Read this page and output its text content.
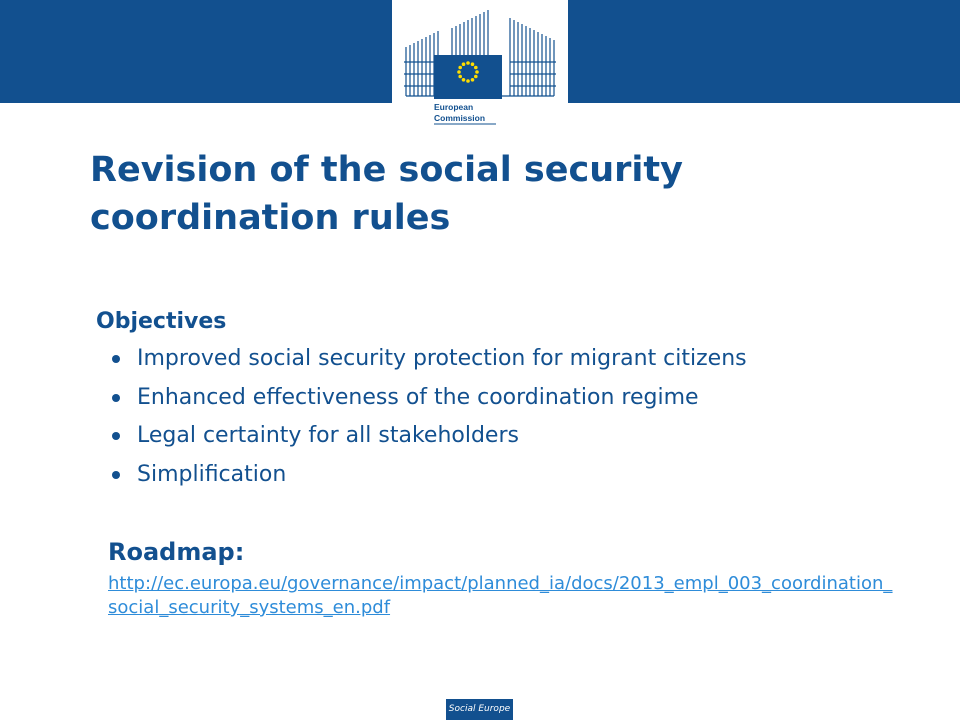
European
Commission
Revision of the social security coordination rules
Objectives
Improved social security protection for migrant citizens
Enhanced effectiveness of the coordination regime
Legal certainty for all stakeholders
Simplification
Roadmap:
http://ec.europa.eu/governance/impact/planned_ia/docs/2013_empl_003_coordination_social_security_systems_en.pdf
Social Europe
